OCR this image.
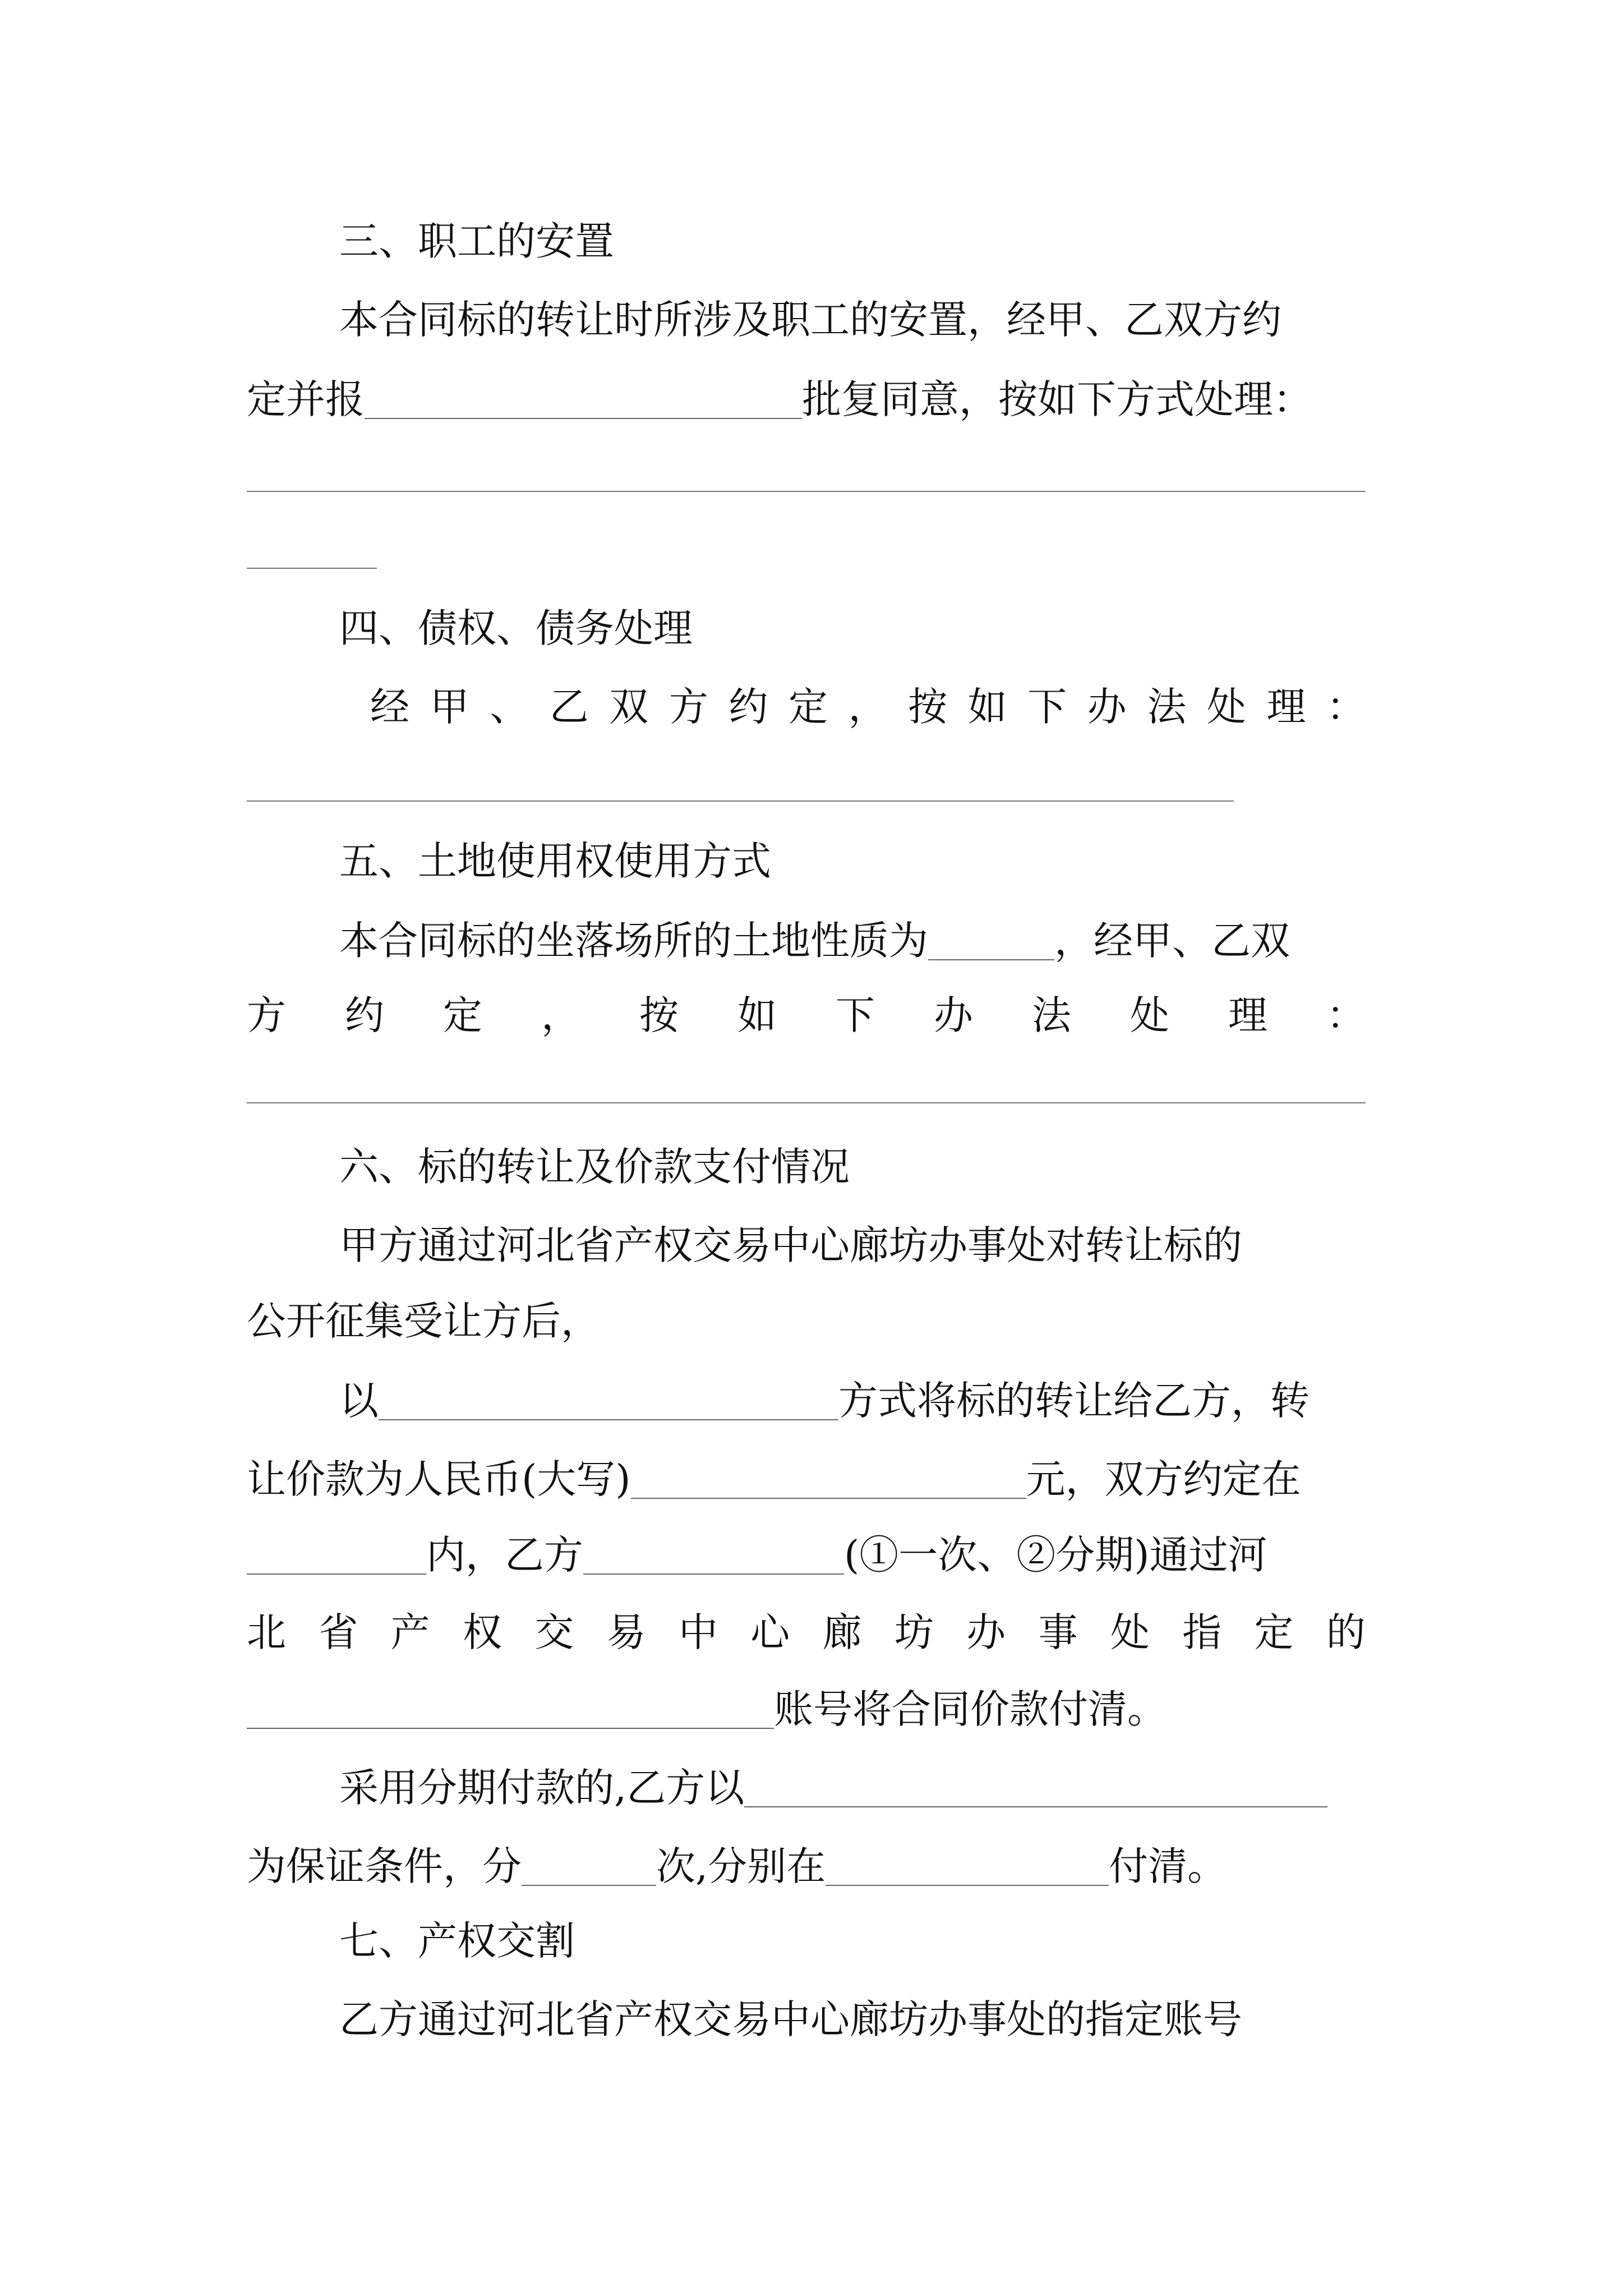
三、职工的安置
本合同标的转让时所涉及职工的安置，经甲、乙双方约
定并报	批复同意，按如下方式处理：
四、债权、债务处理
经 甲 、 乙 双 方 约 定 ， 按 如 下 办 法 处 理 ：
五、土地使用权使用方式
本合同标的坐落场所的土地性质为	，经甲、乙双
方 约 定 ， 按 如 下 办 法 处 理 ：
六、标的转让及价款支付情况
甲方通过河北省产权交易中心廊坊办事处对转让标的
公开征集受让方后，
以	方式将标的转让给乙方，转
让价款为人民币(大写)	元，双方约定在
内，乙方	(①一次、②分期)通过河
北 省 产 权 交 易 中 心 廊 坊 办 事 处 指 定 的
账号将合同价款付清。
采用分期付款的,乙方以
为保证条件，分	次,分别在	付清。
七、产权交割
乙方通过河北省产权交易中心廊坊办事处的指定账号
